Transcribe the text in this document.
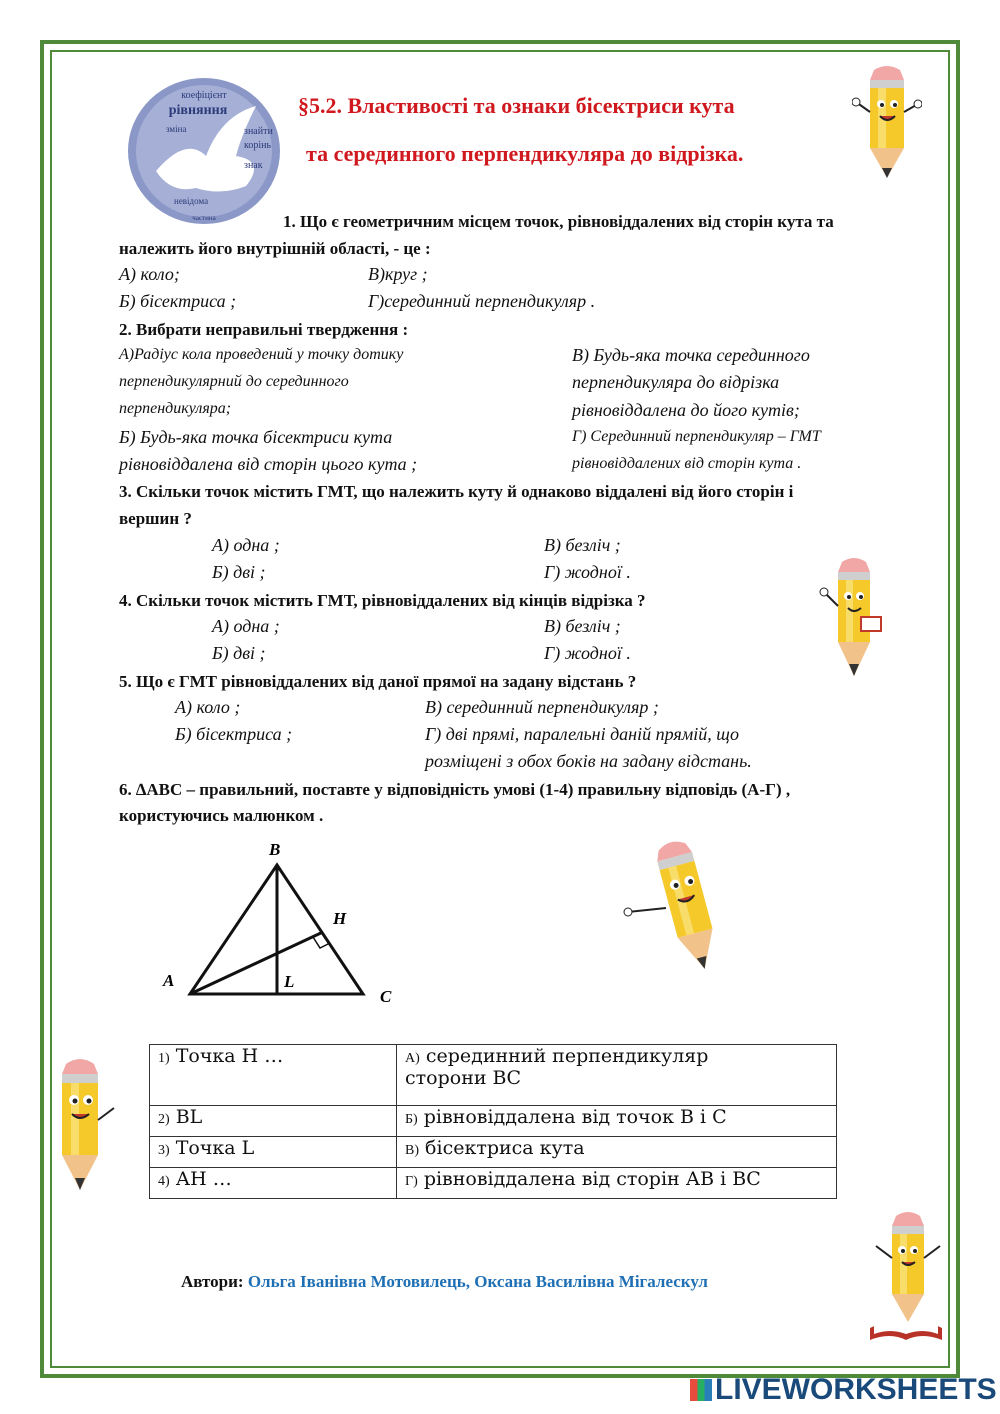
коефіцієнт
рівняння
зміна	знайти
корінь
знак
невідома
частина
§5.2. Властивості та ознаки бісектриси кута
та серединного перпендикуляра до відрізка.
1. Що є геометричним місцем точок, рівновіддалених від сторін кута та
належить його внутрішній області, - це :
А) коло;	В)круг ;
Б) бісектриса ;	Г)серединний перпендикуляр .
2. Вибрати неправильні твердження :
А)Радіус кола проведений у точку дотику
перпендикулярний до серединного
перпендикуляра;
В) Будь-яка точка серединного
перпендикуляра до відрізка
рівновіддалена до його кутів;
Б) Будь-яка точка бісектриси кута
рівновіддалена від сторін цього кута ;
Г) Серединний перпендикуляр – ГМТ
рівновіддалених від сторін кута .
3. Скільки точок містить ГМТ, що належить куту й однаково віддалені від його сторін і
вершин ?
А) одна ;	В) безліч ;
Б) дві ;	Г) жодної .
4. Скільки точок містить ГМТ, рівновіддалених від кінців відрізка ?
А) одна ;	В) безліч ;
Б) дві ;	Г) жодної .
5. Що є ГМТ рівновіддалених від даної прямої на задану відстань ?
А) коло ;	В) серединний перпендикуляр ;
Б) бісектриса ;	Г) дві прямі, паралельні даній прямій, що
розміщені з обох боків на задану відстань.
6. ∆АВС – правильний, поставте у відповідність умові (1-4) правильну відповідь (А-Г) ,
користуючись малюнком .
B
H
A	L
C
1) Точка Н …	А) серединний перпендикуляр
сторони ВС
2) BL	Б) рівновіддалена від точок В і С
3) Точка L	В) бісектриса кута
4) АН …	Г) рівновіддалена від сторін АВ і ВС
Автори: Ольга Іванівна Мотовилець, Оксана Василівна Мігалескул
LIVEWORKSHEETS
